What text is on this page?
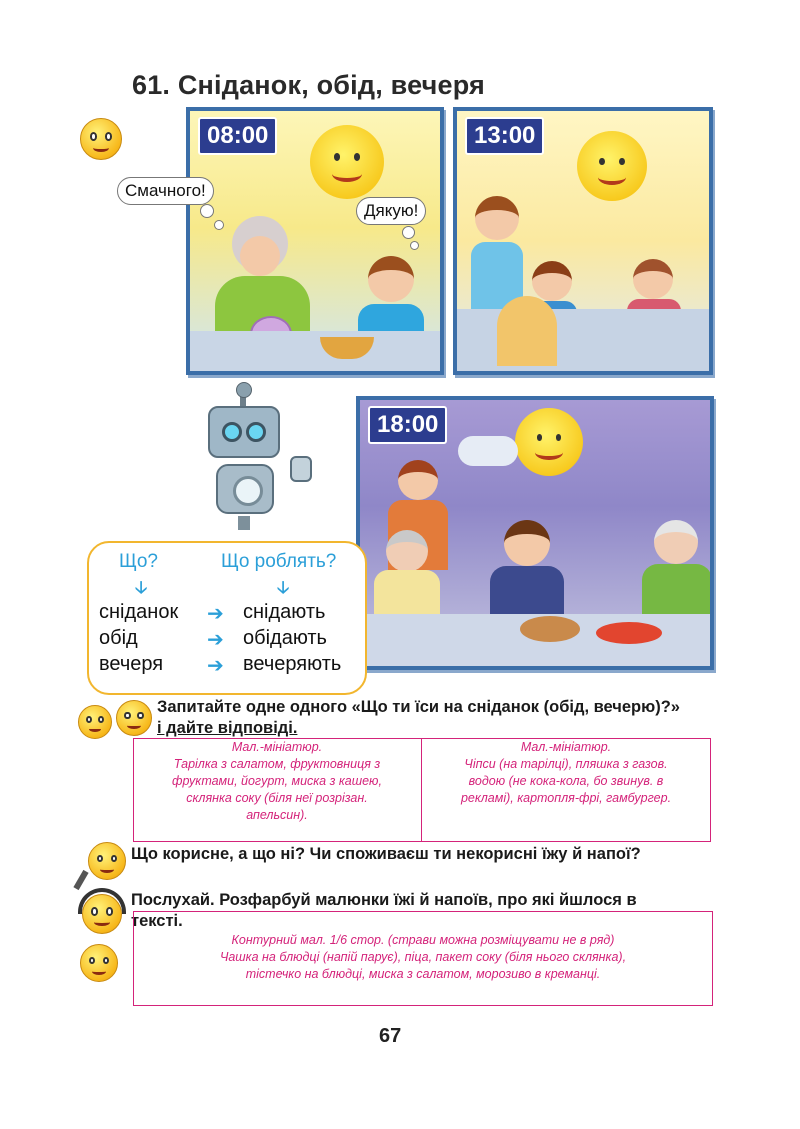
61. Сніданок, обід, вечеря
08:00
Смачного!
Дякую!
13:00
18:00
Що?	Що роблять?
🡣	🡣
сніданок ➔ снідають
обід	➔ обідають
вечеря ➔ вечеряють
Запитайте одне одного «Що ти їси на сніданок (обід, вечерю)?»
і дайте відповіді.
Мал.-мініатюр.
Тарілка з салатом, фруктовниця з
фруктами, йогурт, миска з кашею,
склянка соку (біля неї розрізан.
апельсин).
Мал.-мініатюр.
Чіпси (на тарілці), пляшка з газов.
водою (не кока-кола, бо звинув. в
рекламі), картопля-фрі, гамбургер.
Що корисне, а що ні? Чи споживаєш ти некорисні їжу й напої?
Послухай. Розфарбуй малюнки їжі й напоїв, про які йшлося в
тексті.
Контурний мал. 1/6 стор. (страви можна розміщувати не в ряд)
Чашка на блюдці (напій парує), піца, пакет соку (біля нього склянка),
тістечко на блюдці, миска з салатом, морозиво в креманці.
67
